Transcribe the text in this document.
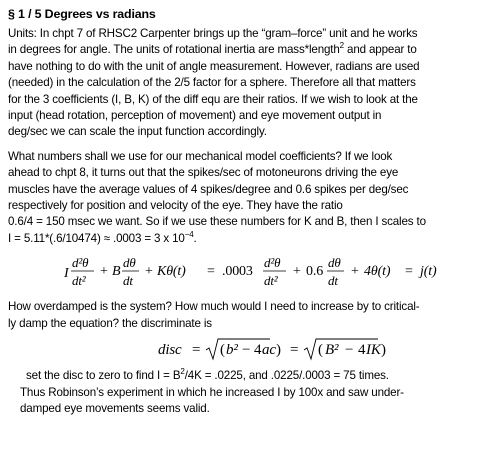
§ 1 / 5 Degrees vs radians
Units: In chpt 7 of RHSC2 Carpenter brings up the “gram–force” unit and he works
in degrees for angle. The units of rotational inertia are mass*length$^2$ and appear to
have nothing to do with the unit of angle measurement. However, radians are used
(needed) in the calculation of the 2/5 factor for a sphere. Therefore all that matters
for the 3 coefficients (I, B, K) of the diff equ are their ratios. If we wish to look at the
input (head rotation, perception of movement) and eye movement output in
deg/sec we can scale the input function accordingly.
What numbers shall we use for our mechanical model coefficients? If we look
ahead to chpt 8, it turns out that the spikes/sec of motoneurons driving the eye
muscles have the average values of 4 spikes/degree and 0.6 spikes per deg/sec
respectively for position and velocity of the eye. They have the ratio
0.6/4 = 150 msec we want. So if we use these numbers for K and B, then I scales to
I = 5.11*(.6/10474) ≈ .0003 = 3 x $10^{-4}$.
I
d²θ
dt²
+ B
dθ
dt
+ Kθ(t) = .0003
d²θ
dt²
+ 0.6
dθ
dt
+ 4θ(t) = j(t)
How overdamped is the system? How much would I need to increase by to critical-
ly damp the equation? the discriminate is
disc = ( b² − 4 ac ) = ( B² − 4 IK )
set the disc to zero to find $I = B^2/4K = .0225$, and .0225/.0003 = 75 times.
Thus Robinson’s experiment in which he increased I by 100x and saw under-
damped eye movements seems valid.
